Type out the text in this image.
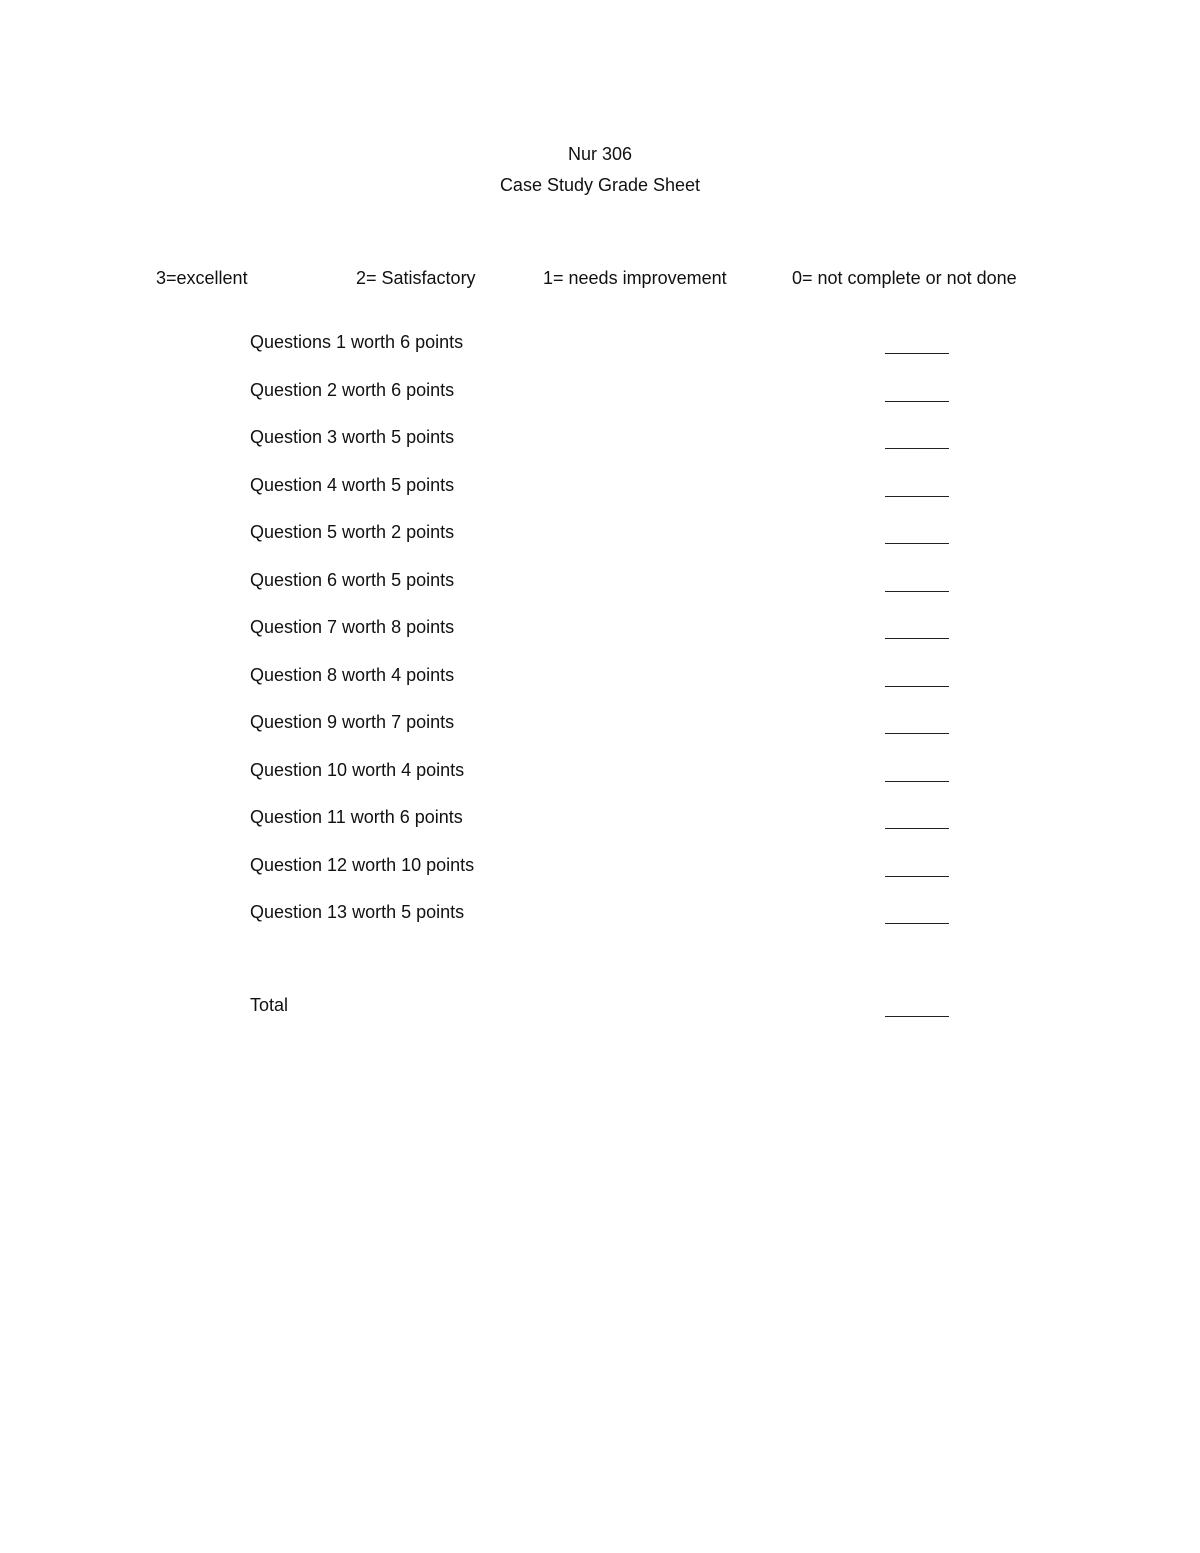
Nur 306
Case Study Grade Sheet
3=excellent	2= Satisfactory	1= needs improvement	0= not complete or not done
Questions 1 worth 6 points
Question 2 worth 6 points
Question 3 worth 5 points
Question 4 worth 5 points
Question 5 worth 2 points
Question 6 worth 5 points
Question 7 worth 8 points
Question 8 worth 4 points
Question 9 worth 7 points
Question 10 worth 4 points
Question 11 worth 6 points
Question 12 worth 10 points
Question 13 worth 5 points
Total
